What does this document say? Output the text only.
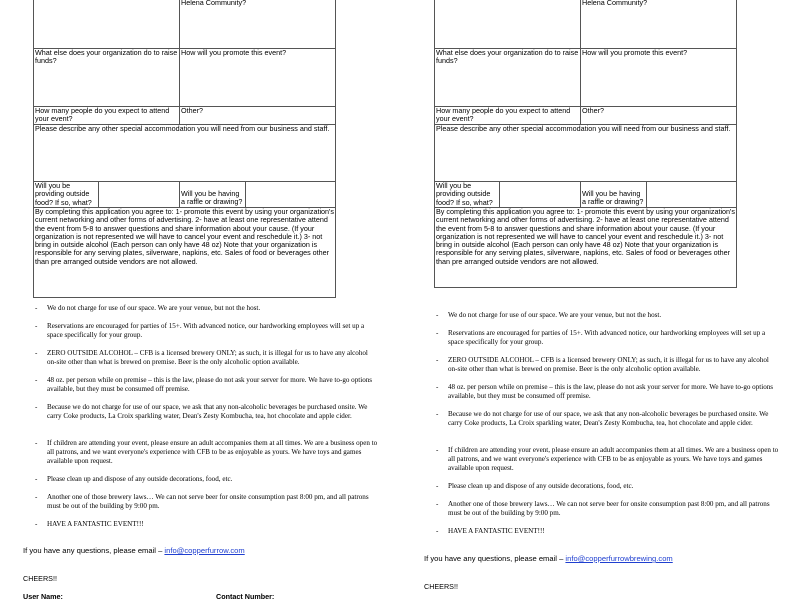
Helena Community?
What else does your organization do to raise funds?
How will you promote this event?
How many people do you expect to attend your event?
Other?
Please describe any other special accommodation you will need from our business and staff.
Will you be providing outside food? If so, what?
Will you be having a raffle or drawing?
By completing this application you agree to: 1- promote this event by using your organization's current networking and other forms of advertising. 2- have at least one representative attend the event from 5-8 to answer questions and share information about your cause. (If your organization is not represented we will have to cancel your event and reschedule it.) 3- not bring in outside alcohol (Each person can only have 48 oz) Note that your organization is responsible for any serving plates, silverware, napkins, etc. Sales of food or beverages other than pre arranged outside vendors are not allowed.
-	We do not charge for use of our space. We are your venue, but not the host.
-	Reservations are encouraged for parties of 15+. With advanced notice, our hardworking employees will set up a space specifically for your group.
-	ZERO OUTSIDE ALCOHOL – CFB is a licensed brewery ONLY; as such, it is illegal for us to have any alcohol on-site other than what is brewed on premise. Beer is the only alcoholic option available.
-	48 oz. per person while on premise – this is the law, please do not ask your server for more. We have to-go options available, but they must be consumed off premise.
-	Because we do not charge for use of our space, we ask that any non-alcoholic beverages be purchased onsite. We carry Coke products, La Croix sparkling water, Dean's Zesty Kombucha, tea, hot chocolate and apple cider.
-	If children are attending your event, please ensure an adult accompanies them at all times. We are a business open to all patrons, and we want everyone's experience with CFB to be as enjoyable as yours. We have toys and games available upon request.
-	Please clean up and dispose of any outside decorations, food, etc.
-	Another one of those brewery laws… We can not serve beer for onsite consumption past 8:00 pm, and all patrons must be out of the building by 9:00 pm.
-	HAVE A FANTASTIC EVENT!!!
If you have any questions, please email – info@copperfurrow.com
CHEERS!!
User Name:	Contact Number:
Helena Community?
What else does your organization do to raise funds?
How will you promote this event?
How many people do you expect to attend your event?
Other?
Please describe any other special accommodation you will need from our business and staff.
Will you be providing outside food? If so, what?
Will you be having a raffle or drawing?
By completing this application you agree to: 1- promote this event by using your organization's current networking and other forms of advertising. 2- have at least one representative attend the event from 5-8 to answer questions and share information about your cause. (If your organization is not represented we will have to cancel your event and reschedule it.) 3- not bring in outside alcohol (Each person can only have 48 oz) Note that your organization is responsible for any serving plates, silverware, napkins, etc. Sales of food or beverages other than pre arranged outside vendors are not allowed.
-	We do not charge for use of our space. We are your venue, but not the host.
-	Reservations are encouraged for parties of 15+. With advanced notice, our hardworking employees will set up a space specifically for your group.
-	ZERO OUTSIDE ALCOHOL – CFB is a licensed brewery ONLY; as such, it is illegal for us to have any alcohol on-site other than what is brewed on premise. Beer is the only alcoholic option available.
-	48 oz. per person while on premise – this is the law, please do not ask your server for more. We have to-go options available, but they must be consumed off premise.
-	Because we do not charge for use of our space, we ask that any non-alcoholic beverages be purchased onsite. We carry Coke products, La Croix sparkling water, Dean's Zesty Kombucha, tea, hot chocolate and apple cider.
-	If children are attending your event, please ensure an adult accompanies them at all times. We are a business open to all patrons, and we want everyone's experience with CFB to be as enjoyable as yours. We have toys and games available upon request.
-	Please clean up and dispose of any outside decorations, food, etc.
-	Another one of those brewery laws… We can not serve beer for onsite consumption past 8:00 pm, and all patrons must be out of the building by 9:00 pm.
-	HAVE A FANTASTIC EVENT!!!
If you have any questions, please email – info@copperfurrowbrewing.com
CHEERS!!
